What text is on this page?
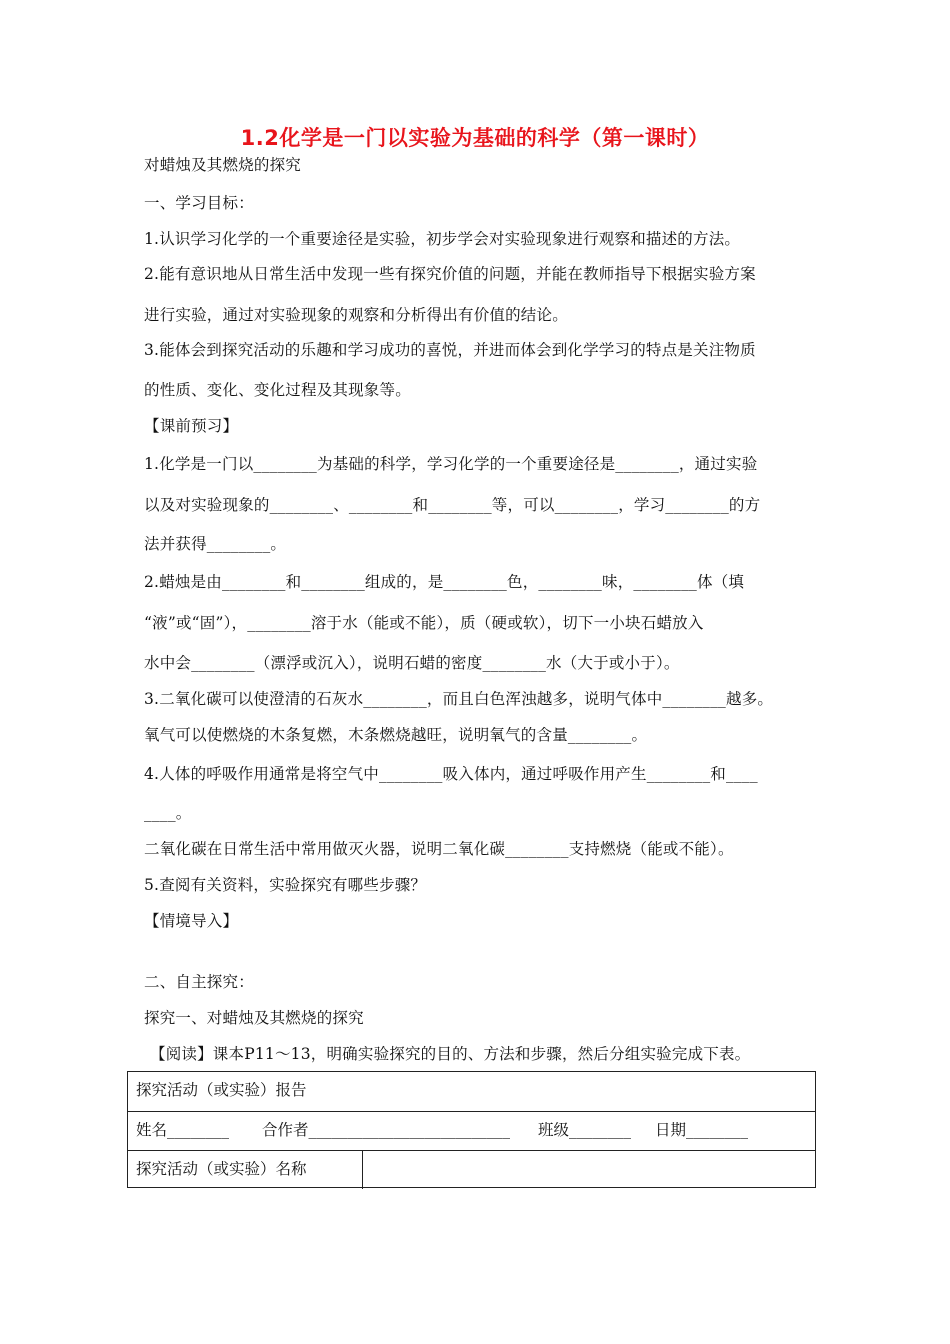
1.2化学是一门以实验为基础的科学（第一课时）
对蜡烛及其燃烧的探究
一、学习目标：
1.认识学习化学的一个重要途径是实验，初步学会对实验现象进行观察和描述的方法。
2.能有意识地从日常生活中发现一些有探究价值的问题，并能在教师指导下根据实验方案
进行实验，通过对实验现象的观察和分析得出有价值的结论。
3.能体会到探究活动的乐趣和学习成功的喜悦，并进而体会到化学学习的特点是关注物质
的性质、变化、变化过程及其现象等。
【课前预习】
1.化学是一门以________为基础的科学，学习化学的一个重要途径是________，通过实验
以及对实验现象的________、________和________等，可以________，学习________的方
法并获得________。
2.蜡烛是由________和________组成的，是________色，________味，________体（填
“液”或“固”），________溶于水（能或不能），质（硬或软），切下一小块石蜡放入
水中会________（漂浮或沉入），说明石蜡的密度________水（大于或小于）。
3.二氧化碳可以使澄清的石灰水________，而且白色浑浊越多，说明气体中________越多。
氧气可以使燃烧的木条复燃，木条燃烧越旺，说明氧气的含量________。
4.人体的呼吸作用通常是将空气中________吸入体内，通过呼吸作用产生________和____
____。
二氧化碳在日常生活中常用做灭火器，说明二氧化碳________支持燃烧（能或不能）。
5.查阅有关资料，实验探究有哪些步骤？
【情境导入】
二、自主探究：
探究一、对蜡烛及其燃烧的探究
【阅读】课本P11～13，明确实验探究的目的、方法和步骤，然后分组实验完成下表。
探究活动（或实验）报告
姓名________ 合作者__________________________ 班级________ 日期________
探究活动（或实验）名称
